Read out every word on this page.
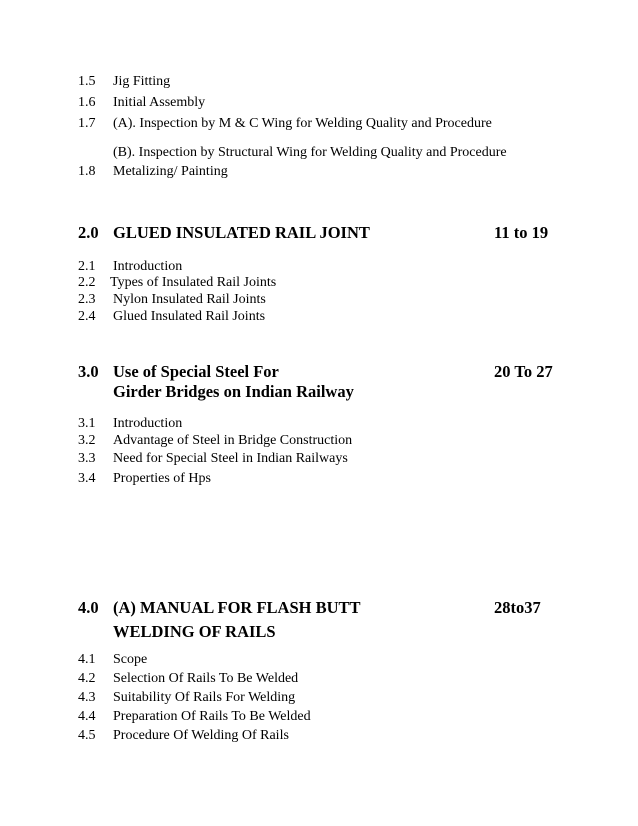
1.5 Jig Fitting
1.6 Initial Assembly
1.7 (A). Inspection by M & C Wing for Welding Quality and Procedure
(B). Inspection by Structural Wing for Welding Quality and Procedure
1.8 Metalizing/ Painting
2.0 GLUED INSULATED RAIL JOINT	11 to 19
2.1 Introduction
2.2 Types of Insulated Rail Joints
2.3 Nylon Insulated Rail Joints
2.4 Glued Insulated Rail Joints
3.0 Use of Special Steel For	20 To 27
Girder Bridges on Indian Railway
3.1 Introduction
3.2 Advantage of Steel in Bridge Construction
3.3 Need for Special Steel in Indian Railways
3.4 Properties of Hps
4.0 (A) MANUAL FOR FLASH BUTT	28to37
WELDING OF RAILS
4.1 Scope
4.2 Selection Of Rails To Be Welded
4.3 Suitability Of Rails For Welding
4.4 Preparation Of Rails To Be Welded
4.5 Procedure Of Welding Of Rails
